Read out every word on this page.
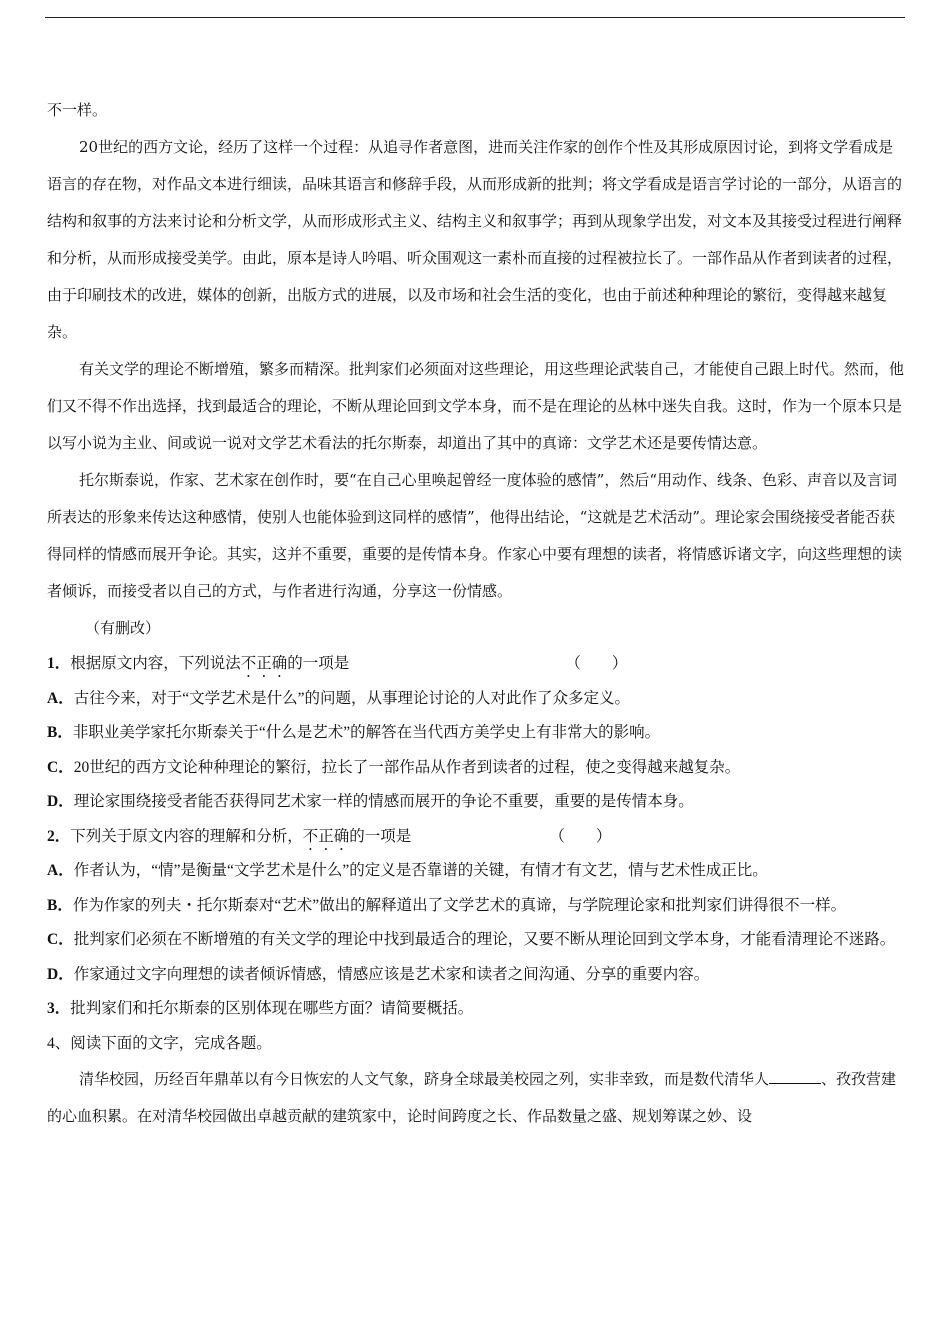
不一样。

20世纪的西方文论，经历了这样一个过程：从追寻作者意图，进而关注作家的创作个性及其形成原因讨论，到将文学看成是语言的存在物，对作品文本进行细读，品味其语言和修辞手段，从而形成新的批判；将文学看成是语言学讨论的一部分，从语言的结构和叙事的方法来讨论和分析文学，从而形成形式主义、结构主义和叙事学；再到从现象学出发，对文本及其接受过程进行阐释和分析，从而形成接受美学。由此，原本是诗人吟唱、听众围观这一素朴而直接的过程被拉长了。一部作品从作者到读者的过程，由于印刷技术的改进，媒体的创新，出版方式的进展，以及市场和社会生活的变化，也由于前述种种理论的繁衍，变得越来越复杂。

有关文学的理论不断增殖，繁多而精深。批判家们必须面对这些理论，用这些理论武装自己，才能使自己跟上时代。然而，他们又不得不作出选择，找到最适合的理论，不断从理论回到文学本身，而不是在理论的丛林中迷失自我。这时，作为一个原本只是以写小说为主业、间或说一说对文学艺术看法的托尔斯泰，却道出了其中的真谛：文学艺术还是要传情达意。

托尔斯泰说，作家、艺术家在创作时，要“在自己心里唤起曾经一度体验的感情”，然后“用动作、线条、色彩、声音以及言词所表达的形象来传达这种感情，使别人也能体验到这同样的感情”，他得出结论，“这就是艺术活动”。理论家会围绕接受者能否获得同样的情感而展开争论。其实，这并不重要，重要的是传情本身。作家心中要有理想的读者，将情感诉诸文字，向这些理想的读者倾诉，而接受者以自己的方式，与作者进行沟通，分享这一份情感。

（有删改）

1．根据原文内容，下列说法不正确的一项是	（　　）

A．古往今来，对于“文学艺术是什么”的问题，从事理论讨论的人对此作了众多定义。

B．非职业美学家托尔斯泰关于“什么是艺术”的解答在当代西方美学史上有非常大的影响。

C．20世纪的西方文论种种理论的繁衍，拉长了一部作品从作者到读者的过程，使之变得越来越复杂。

D．理论家围绕接受者能否获得同艺术家一样的情感而展开的争论不重要，重要的是传情本身。

2．下列关于原文内容的理解和分析，不正确的一项是	（　　）

A．作者认为，“情”是衡量“文学艺术是什么”的定义是否靠谱的关键，有情才有文艺，情与艺术性成正比。

B．作为作家的列夫・托尔斯泰对“艺术”做出的解释道出了文学艺术的真谛，与学院理论家和批判家们讲得很不一样。

C．批判家们必须在不断增殖的有关文学的理论中找到最适合的理论，又要不断从理论回到文学本身，才能看清理论不迷路。

D．作家通过文字向理想的读者倾诉情感，情感应该是艺术家和读者之间沟通、分享的重要内容。

3．批判家们和托尔斯泰的区别体现在哪些方面？请简要概括。

4、阅读下面的文字，完成各题。

清华校园，历经百年鼎革以有今日恢宏的人文气象，跻身全球最美校园之列，实非幸致，而是数代清华人	、孜孜营建的心血积累。在对清华校园做出卓越贡献的建筑家中，论时间跨度之长、作品数量之盛、规划筹谋之妙、设
